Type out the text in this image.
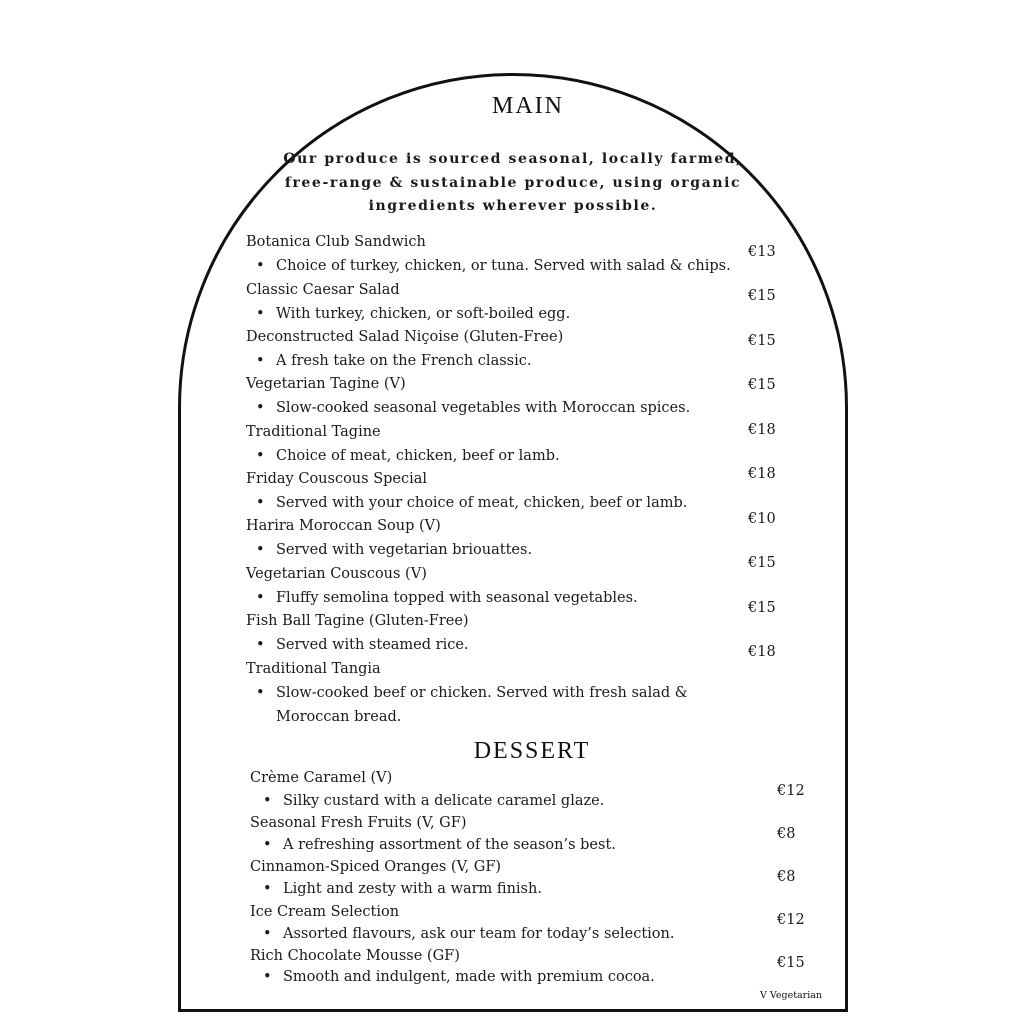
MAIN
Our produce is sourced seasonal, locally farmed, free-range & sustainable produce, using organic ingredients wherever possible.
Botanica Club Sandwich
• Choice of turkey, chicken, or tuna. Served with salad & chips.
€13
Classic Caesar Salad
• With turkey, chicken, or soft-boiled egg.
€15
Deconstructed Salad Niçoise (Gluten-Free)
• A fresh take on the French classic.
€15
Vegetarian Tagine (V)
• Slow-cooked seasonal vegetables with Moroccan spices.
€15
Traditional Tagine
• Choice of meat, chicken, beef or lamb.
€18
Friday Couscous Special
• Served with your choice of meat, chicken, beef or lamb.
€18
Harira Moroccan Soup (V)
• Served with vegetarian briouattes.
€10
Vegetarian Couscous (V)
• Fluffy semolina topped with seasonal vegetables.
€15
Fish Ball Tagine (Gluten-Free)
• Served with steamed rice.
€15
Traditional Tangia
• Slow-cooked beef or chicken. Served with fresh salad & Moroccan bread.
€18
DESSERT
Crème Caramel (V)
• Silky custard with a delicate caramel glaze.
€12
Seasonal Fresh Fruits (V, GF)
• A refreshing assortment of the season’s best.
€8
Cinnamon-Spiced Oranges (V, GF)
• Light and zesty with a warm finish.
€8
Ice Cream Selection
• Assorted flavours, ask our team for today’s selection.
€12
Rich Chocolate Mousse (GF)
• Smooth and indulgent, made with premium cocoa.
€15
V Vegetarian
